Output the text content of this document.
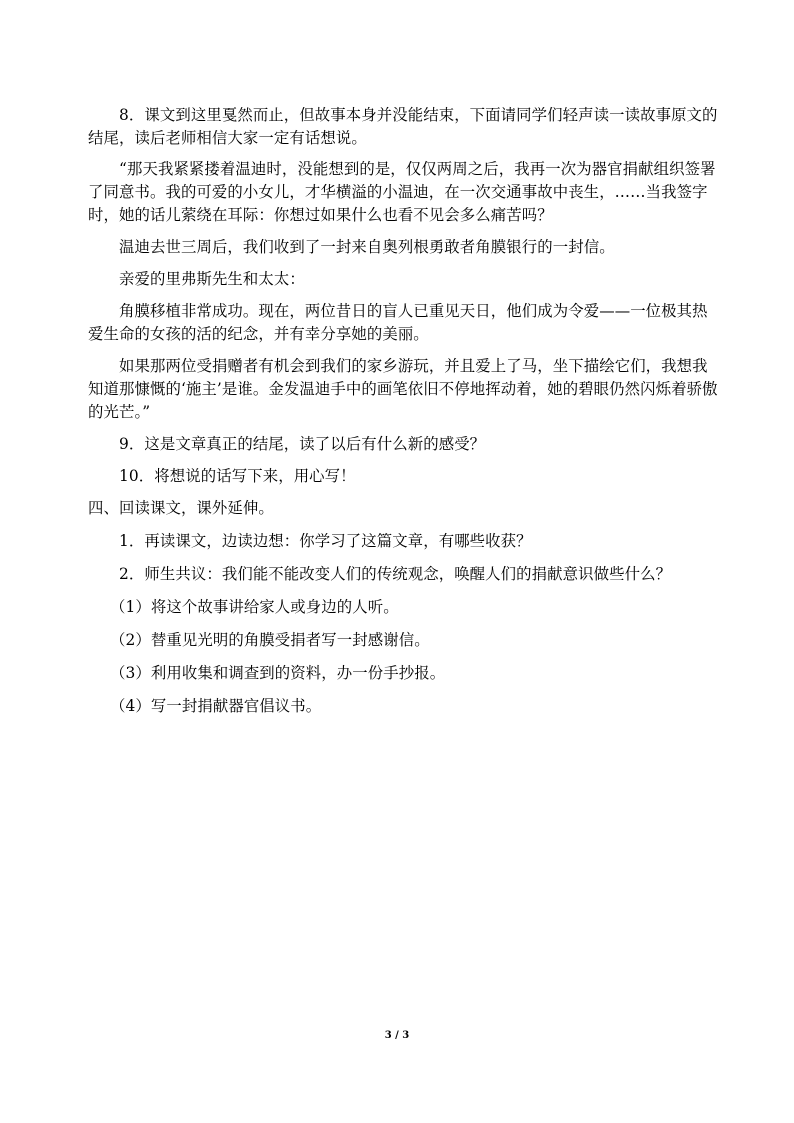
8．课文到这里戛然而止，但故事本身并没能结束，下面请同学们轻声读一读故事原文的结尾，读后老师相信大家一定有话想说。

“那天我紧紧搂着温迪时，没能想到的是，仅仅两周之后，我再一次为器官捐献组织签署了同意书。我的可爱的小女儿，才华横溢的小温迪，在一次交通事故中丧生，……当我签字时，她的话儿萦绕在耳际：你想过如果什么也看不见会多么痛苦吗？

温迪去世三周后，我们收到了一封来自奥列根勇敢者角膜银行的一封信。

亲爱的里弗斯先生和太太：

角膜移植非常成功。现在，两位昔日的盲人已重见天日，他们成为令爱——一位极其热爱生命的女孩的活的纪念，并有幸分享她的美丽。

如果那两位受捐赠者有机会到我们的家乡游玩，并且爱上了马，坐下描绘它们，我想我知道那慷慨的‘施主’是谁。金发温迪手中的画笔依旧不停地挥动着，她的碧眼仍然闪烁着骄傲的光芒。”

9．这是文章真正的结尾，读了以后有什么新的感受？

10．将想说的话写下来，用心写！

四、回读课文，课外延伸。

1．再读课文，边读边想：你学习了这篇文章，有哪些收获？

2．师生共议：我们能不能改变人们的传统观念，唤醒人们的捐献意识做些什么？

（1）将这个故事讲给家人或身边的人听。

（2）替重见光明的角膜受捐者写一封感谢信。

（3）利用收集和调查到的资料，办一份手抄报。

（4）写一封捐献器官倡议书。

3 / 3
